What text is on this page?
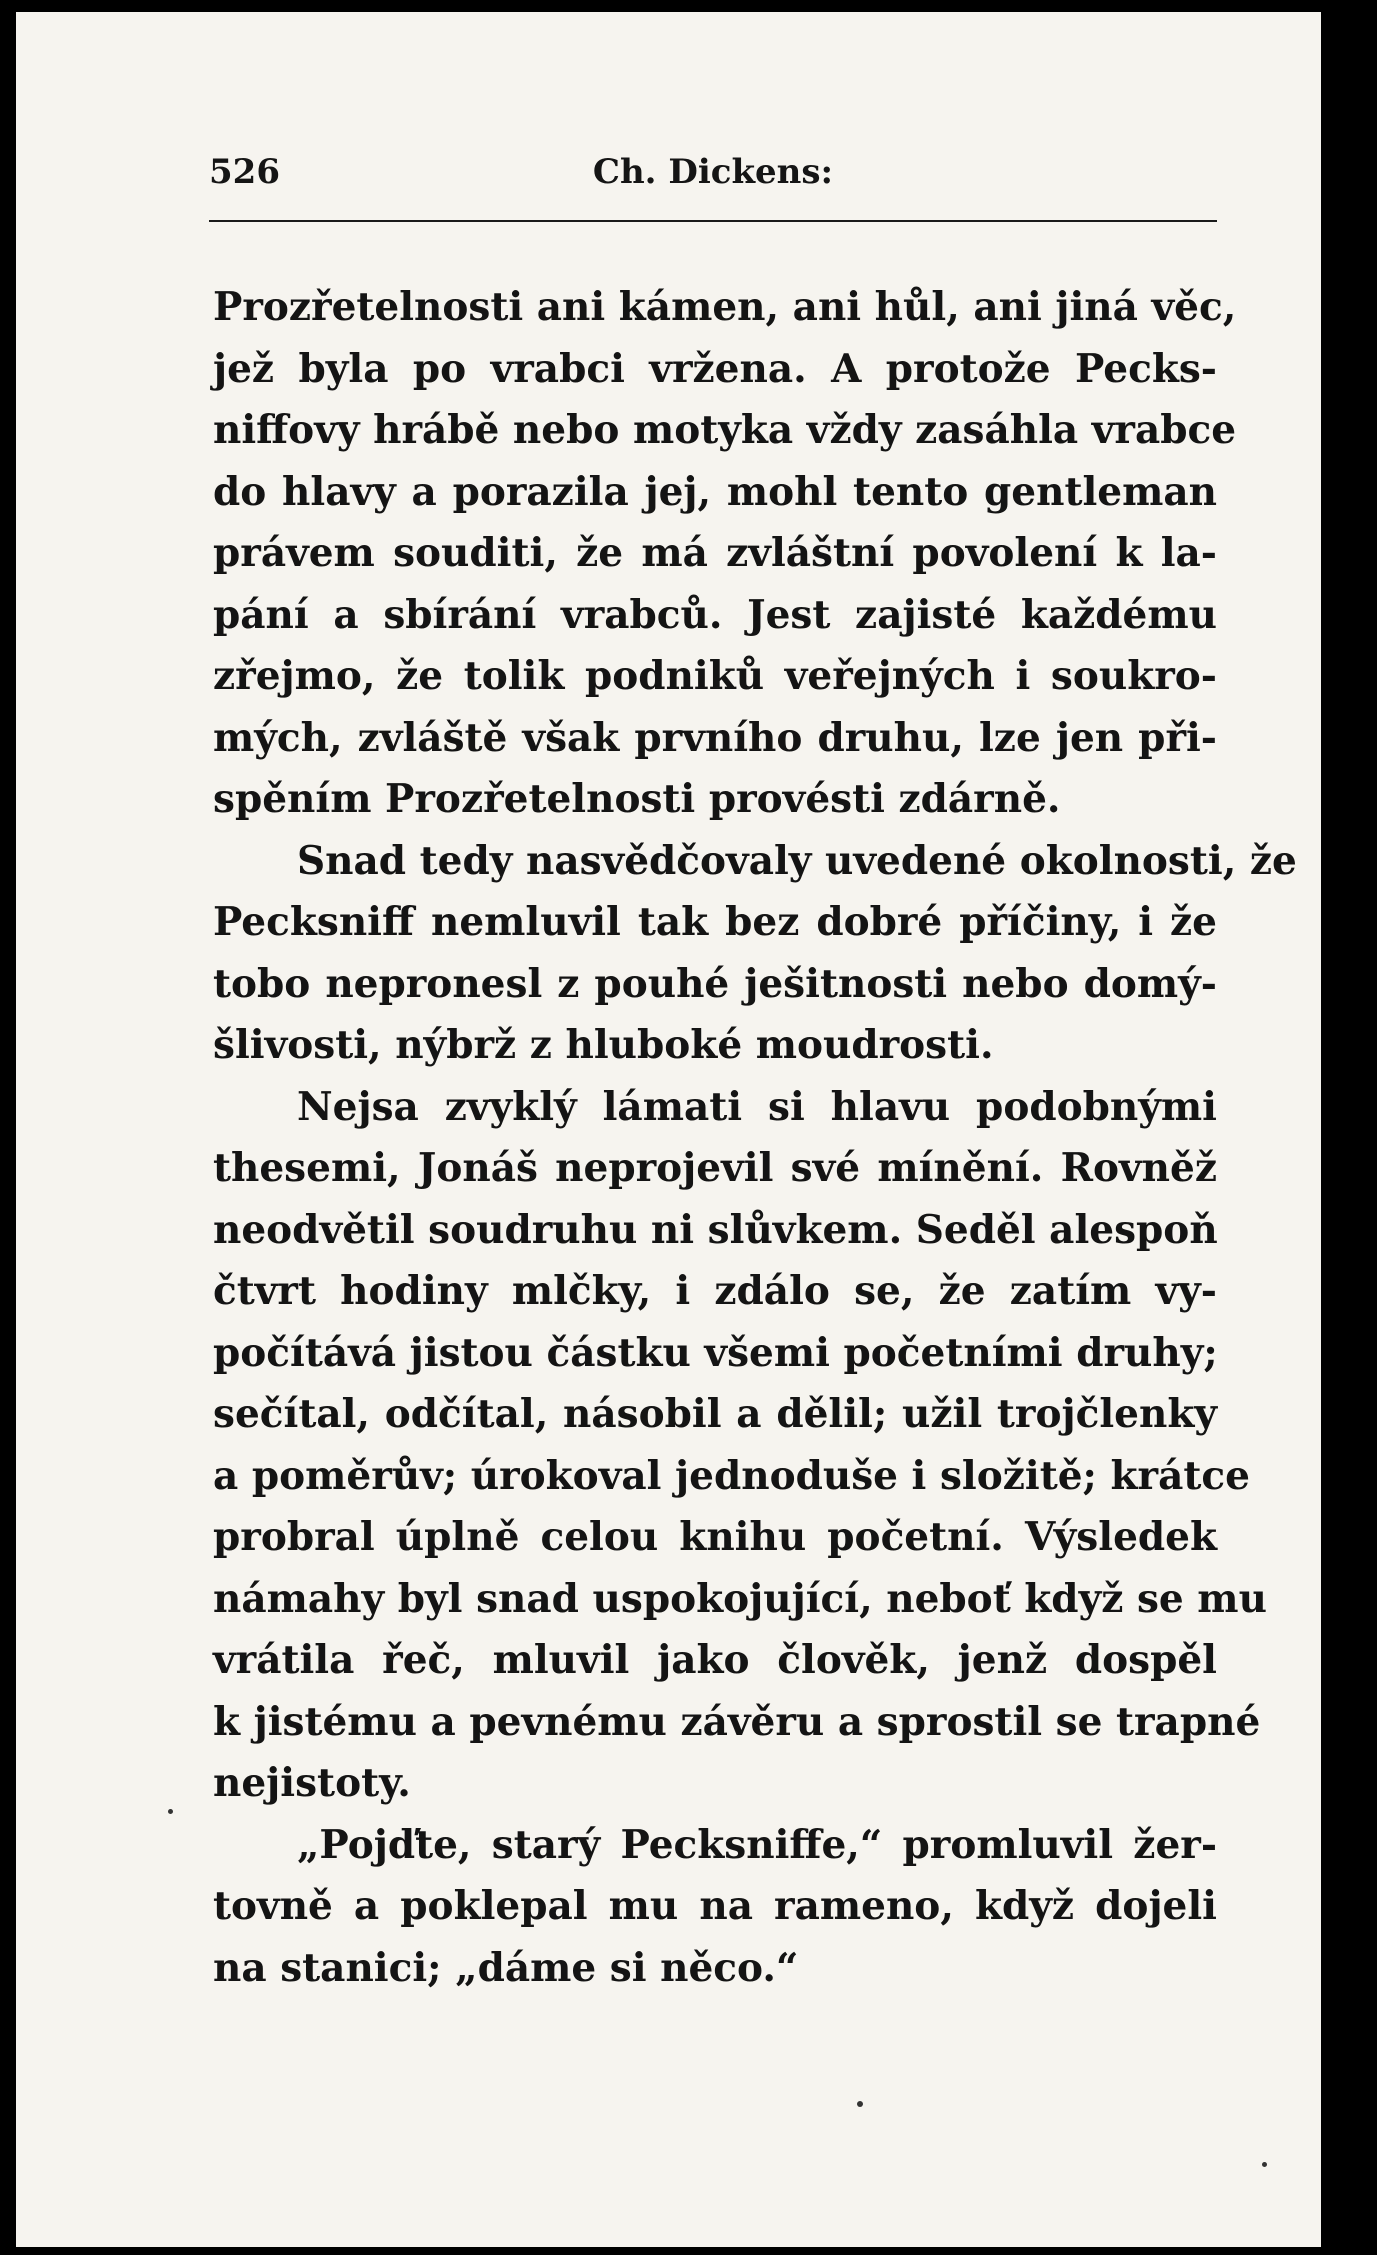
526	Ch. Dickens:
Prozřetelnosti ani kámen, ani hůl, ani jiná věc,
jež byla po vrabci vržena. A protože Pecks-
niffovy hrábě nebo motyka vždy zasáhla vrabce
do hlavy a porazila jej, mohl tento gentleman
právem souditi, že má zvláštní povolení k la-
pání a sbírání vrabců. Jest zajisté každému
zřejmo, že tolik podniků veřejných i soukro-
mých, zvláště však prvního druhu, lze jen při-
spěním Prozřetelnosti provésti zdárně.
Snad tedy nasvědčovaly uvedené okolnosti, že
Pecksniff nemluvil tak bez dobré příčiny, i že
tobo nepronesl z pouhé ješitnosti nebo domý-
šlivosti, nýbrž z hluboké moudrosti.
Nejsa zvyklý lámati si hlavu podobnými
thesemi, Jonáš neprojevil své mínění. Rovněž
neodvětil soudruhu ni slůvkem. Seděl alespoň
čtvrt hodiny mlčky, i zdálo se, že zatím vy-
počítává jistou částku všemi početními druhy;
sečítal, odčítal, násobil a dělil; užil trojčlenky
a poměrův; úrokoval jednoduše i složitě; krátce
probral úplně celou knihu početní. Výsledek
námahy byl snad uspokojující, neboť když se mu
vrátila řeč, mluvil jako člověk, jenž dospěl
k jistému a pevnému závěru a sprostil se trapné
nejistoty.
„Pojďte, starý Pecksniffe,“ promluvil žer-
tovně a poklepal mu na rameno, když dojeli
na stanici; „dáme si něco.“
